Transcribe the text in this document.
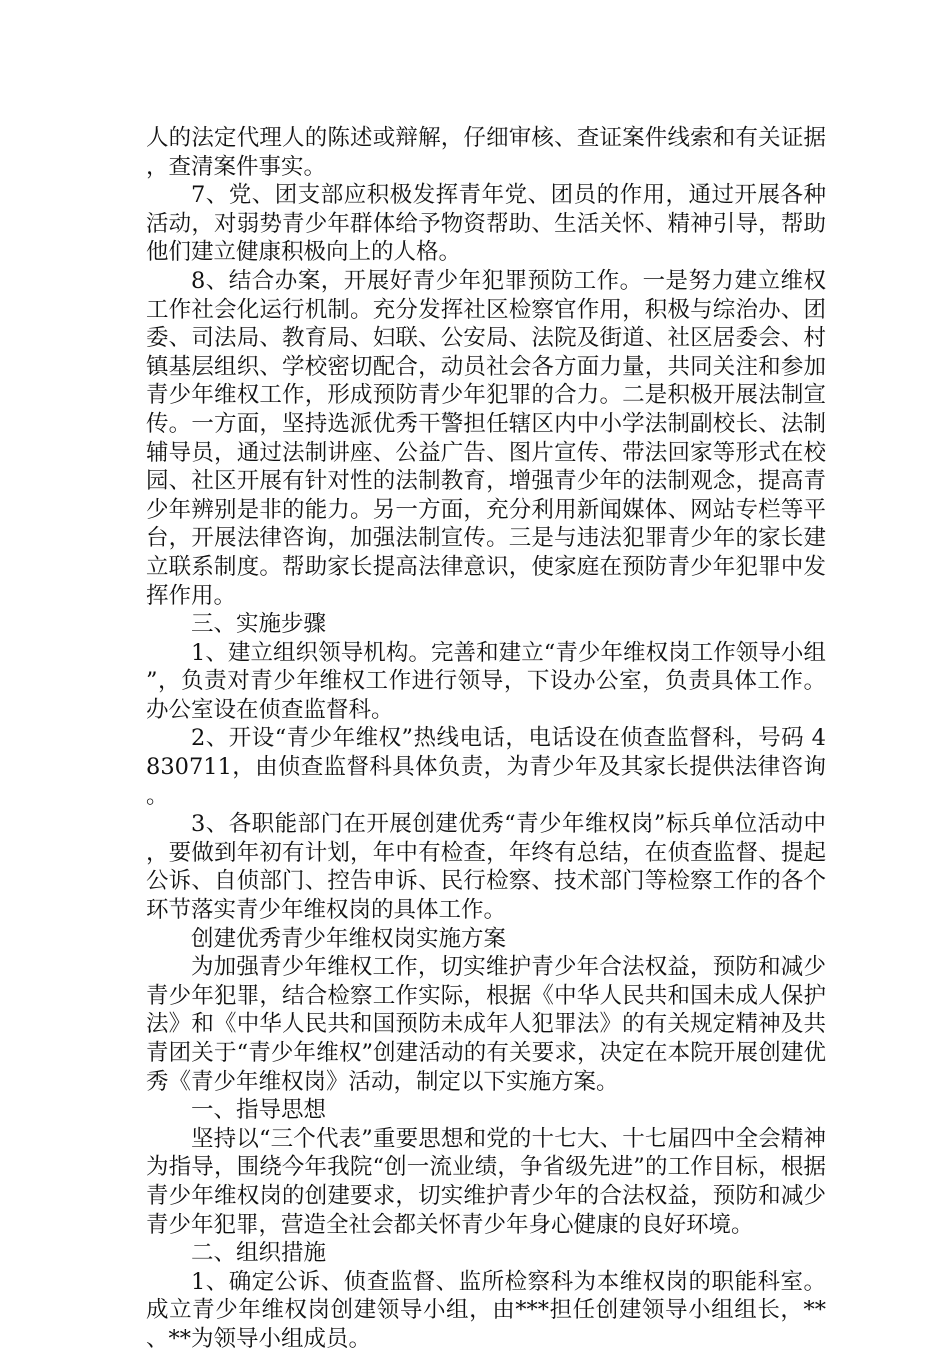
人的法定代理人的陈述或辩解，仔细审核、查证案件线索和有关证据，查清案件事实。

7、党、团支部应积极发挥青年党、团员的作用，通过开展各种活动，对弱势青少年群体给予物资帮助、生活关怀、精神引导，帮助他们建立健康积极向上的人格。

8、结合办案，开展好青少年犯罪预防工作。一是努力建立维权工作社会化运行机制。充分发挥社区检察官作用，积极与综治办、团委、司法局、教育局、妇联、公安局、法院及街道、社区居委会、村镇基层组织、学校密切配合，动员社会各方面力量，共同关注和参加青少年维权工作，形成预防青少年犯罪的合力。二是积极开展法制宣传。一方面，坚持选派优秀干警担任辖区内中小学法制副校长、法制辅导员，通过法制讲座、公益广告、图片宣传、带法回家等形式在校园、社区开展有针对性的法制教育，增强青少年的法制观念，提高青少年辨别是非的能力。另一方面，充分利用新闻媒体、网站专栏等平台，开展法律咨询，加强法制宣传。三是与违法犯罪青少年的家长建立联系制度。帮助家长提高法律意识，使家庭在预防青少年犯罪中发挥作用。

三、实施步骤

1、建立组织领导机构。完善和建立“青少年维权岗工作领导小组”，负责对青少年维权工作进行领导，下设办公室，负责具体工作。办公室设在侦查监督科。

2、开设“青少年维权”热线电话，电话设在侦查监督科，号码 4830711，由侦查监督科具体负责，为青少年及其家长提供法律咨询。

3、各职能部门在开展创建优秀“青少年维权岗”标兵单位活动中，要做到年初有计划，年中有检查，年终有总结，在侦查监督、提起公诉、自侦部门、控告申诉、民行检察、技术部门等检察工作的各个环节落实青少年维权岗的具体工作。

创建优秀青少年维权岗实施方案

为加强青少年维权工作，切实维护青少年合法权益，预防和减少青少年犯罪，结合检察工作实际，根据《中华人民共和国未成人保护法》和《中华人民共和国预防未成年人犯罪法》的有关规定精神及共青团关于“青少年维权”创建活动的有关要求，决定在本院开展创建优秀《青少年维权岗》活动，制定以下实施方案。

一、指导思想

坚持以“三个代表”重要思想和党的十七大、十七届四中全会精神为指导，围绕今年我院“创一流业绩，争省级先进”的工作目标，根据青少年维权岗的创建要求，切实维护青少年的合法权益，预防和减少青少年犯罪，营造全社会都关怀青少年身心健康的良好环境。

二、组织措施

1、确定公诉、侦查监督、监所检察科为本维权岗的职能科室。成立青少年维权岗创建领导小组，由***担任创建领导小组组长，**、**为领导小组成员。
